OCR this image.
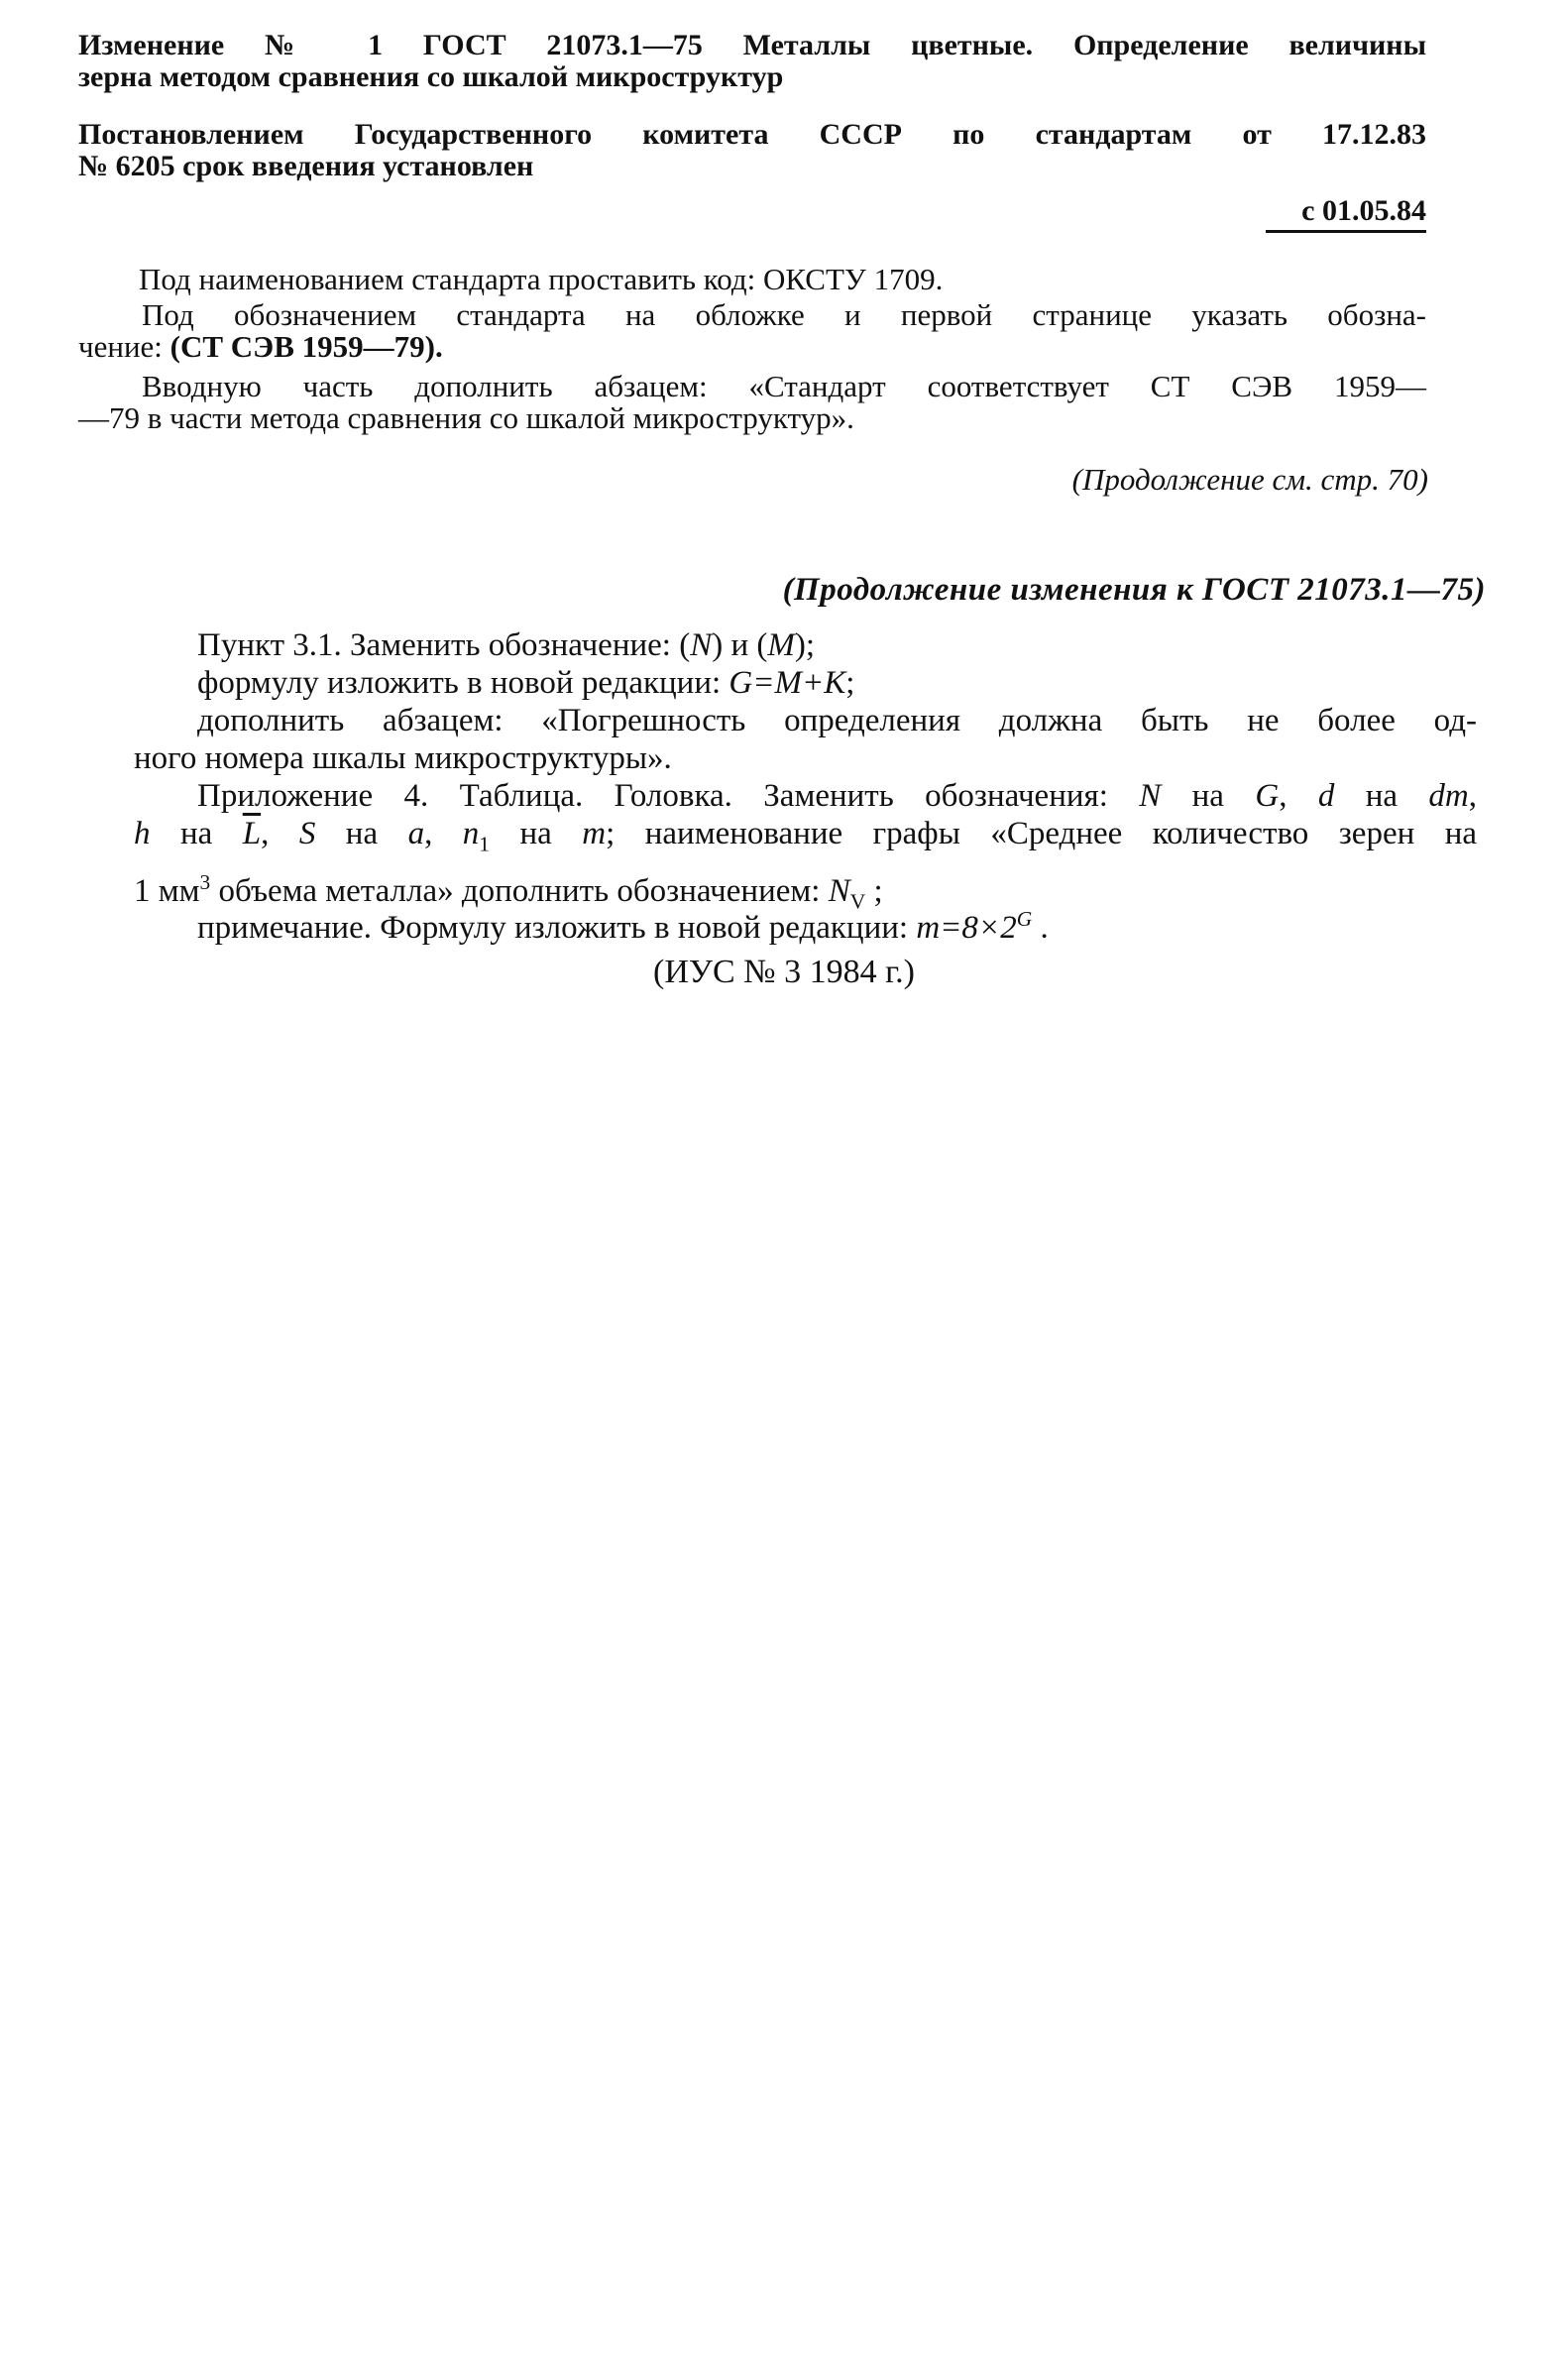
Изменение № 1 ГОСТ 21073.1—75 Металлы цветные. Определение величины
зерна методом сравнения со шкалой микроструктур
Постановлением Государственного комитета СССР по стандартам от 17.12.83
№ 6205 срок введения установлен
с 01.05.84
Под наименованием стандарта проставить код: ОКСТУ 1709.
Под обозначением стандарта на обложке и первой странице указать обозна-
чение: (СТ СЭВ 1959—79).
Вводную часть дополнить абзацем: «Стандарт соответствует СТ СЭВ 1959—
—79 в части метода сравнения со шкалой микроструктур».
(Продолжение см. стр. 70)
(Продолжение изменения к ГОСТ 21073.1—75)
Пункт 3.1. Заменить обозначение: (N) и (M);
формулу изложить в новой редакции: G=M+K;
дополнить абзацем: «Погрешность определения должна быть не более од-
ного номера шкалы микроструктуры».
Приложение 4. Таблица. Головка. Заменить обозначения: N на G, d на dm,
h на $\overline{L}$, S на a, $n_1$ на m; наименование графы «Среднее количество зерен на
1 $мм^3$ объема металла» дополнить обозначением: $N_V$ ;
примечание. Формулу изложить в новой редакции: $m=8\times 2^G$ .
(ИУС № 3 1984 г.)
